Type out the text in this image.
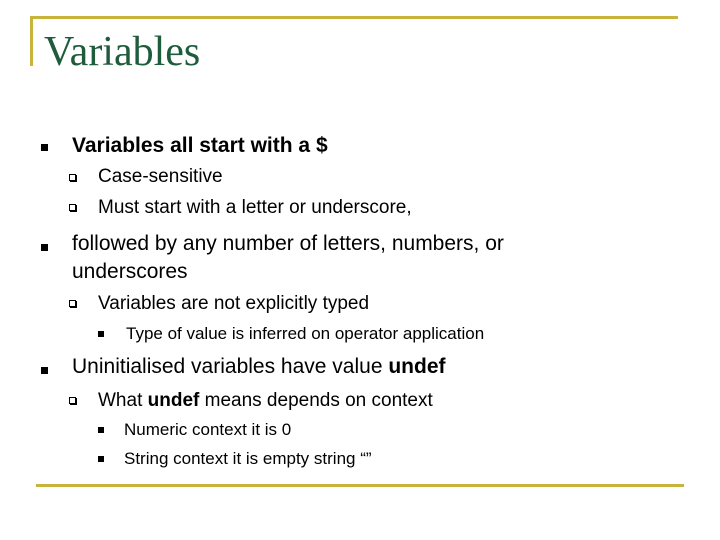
Variables
Variables all start with a $
Case-sensitive
Must start with a letter or underscore,
followed by any number of letters, numbers, or
underscores
Variables are not explicitly typed
Type of value is inferred on operator application
Uninitialised variables have value undef
What undef means depends on context
Numeric context it is 0
String context it is empty string “”
